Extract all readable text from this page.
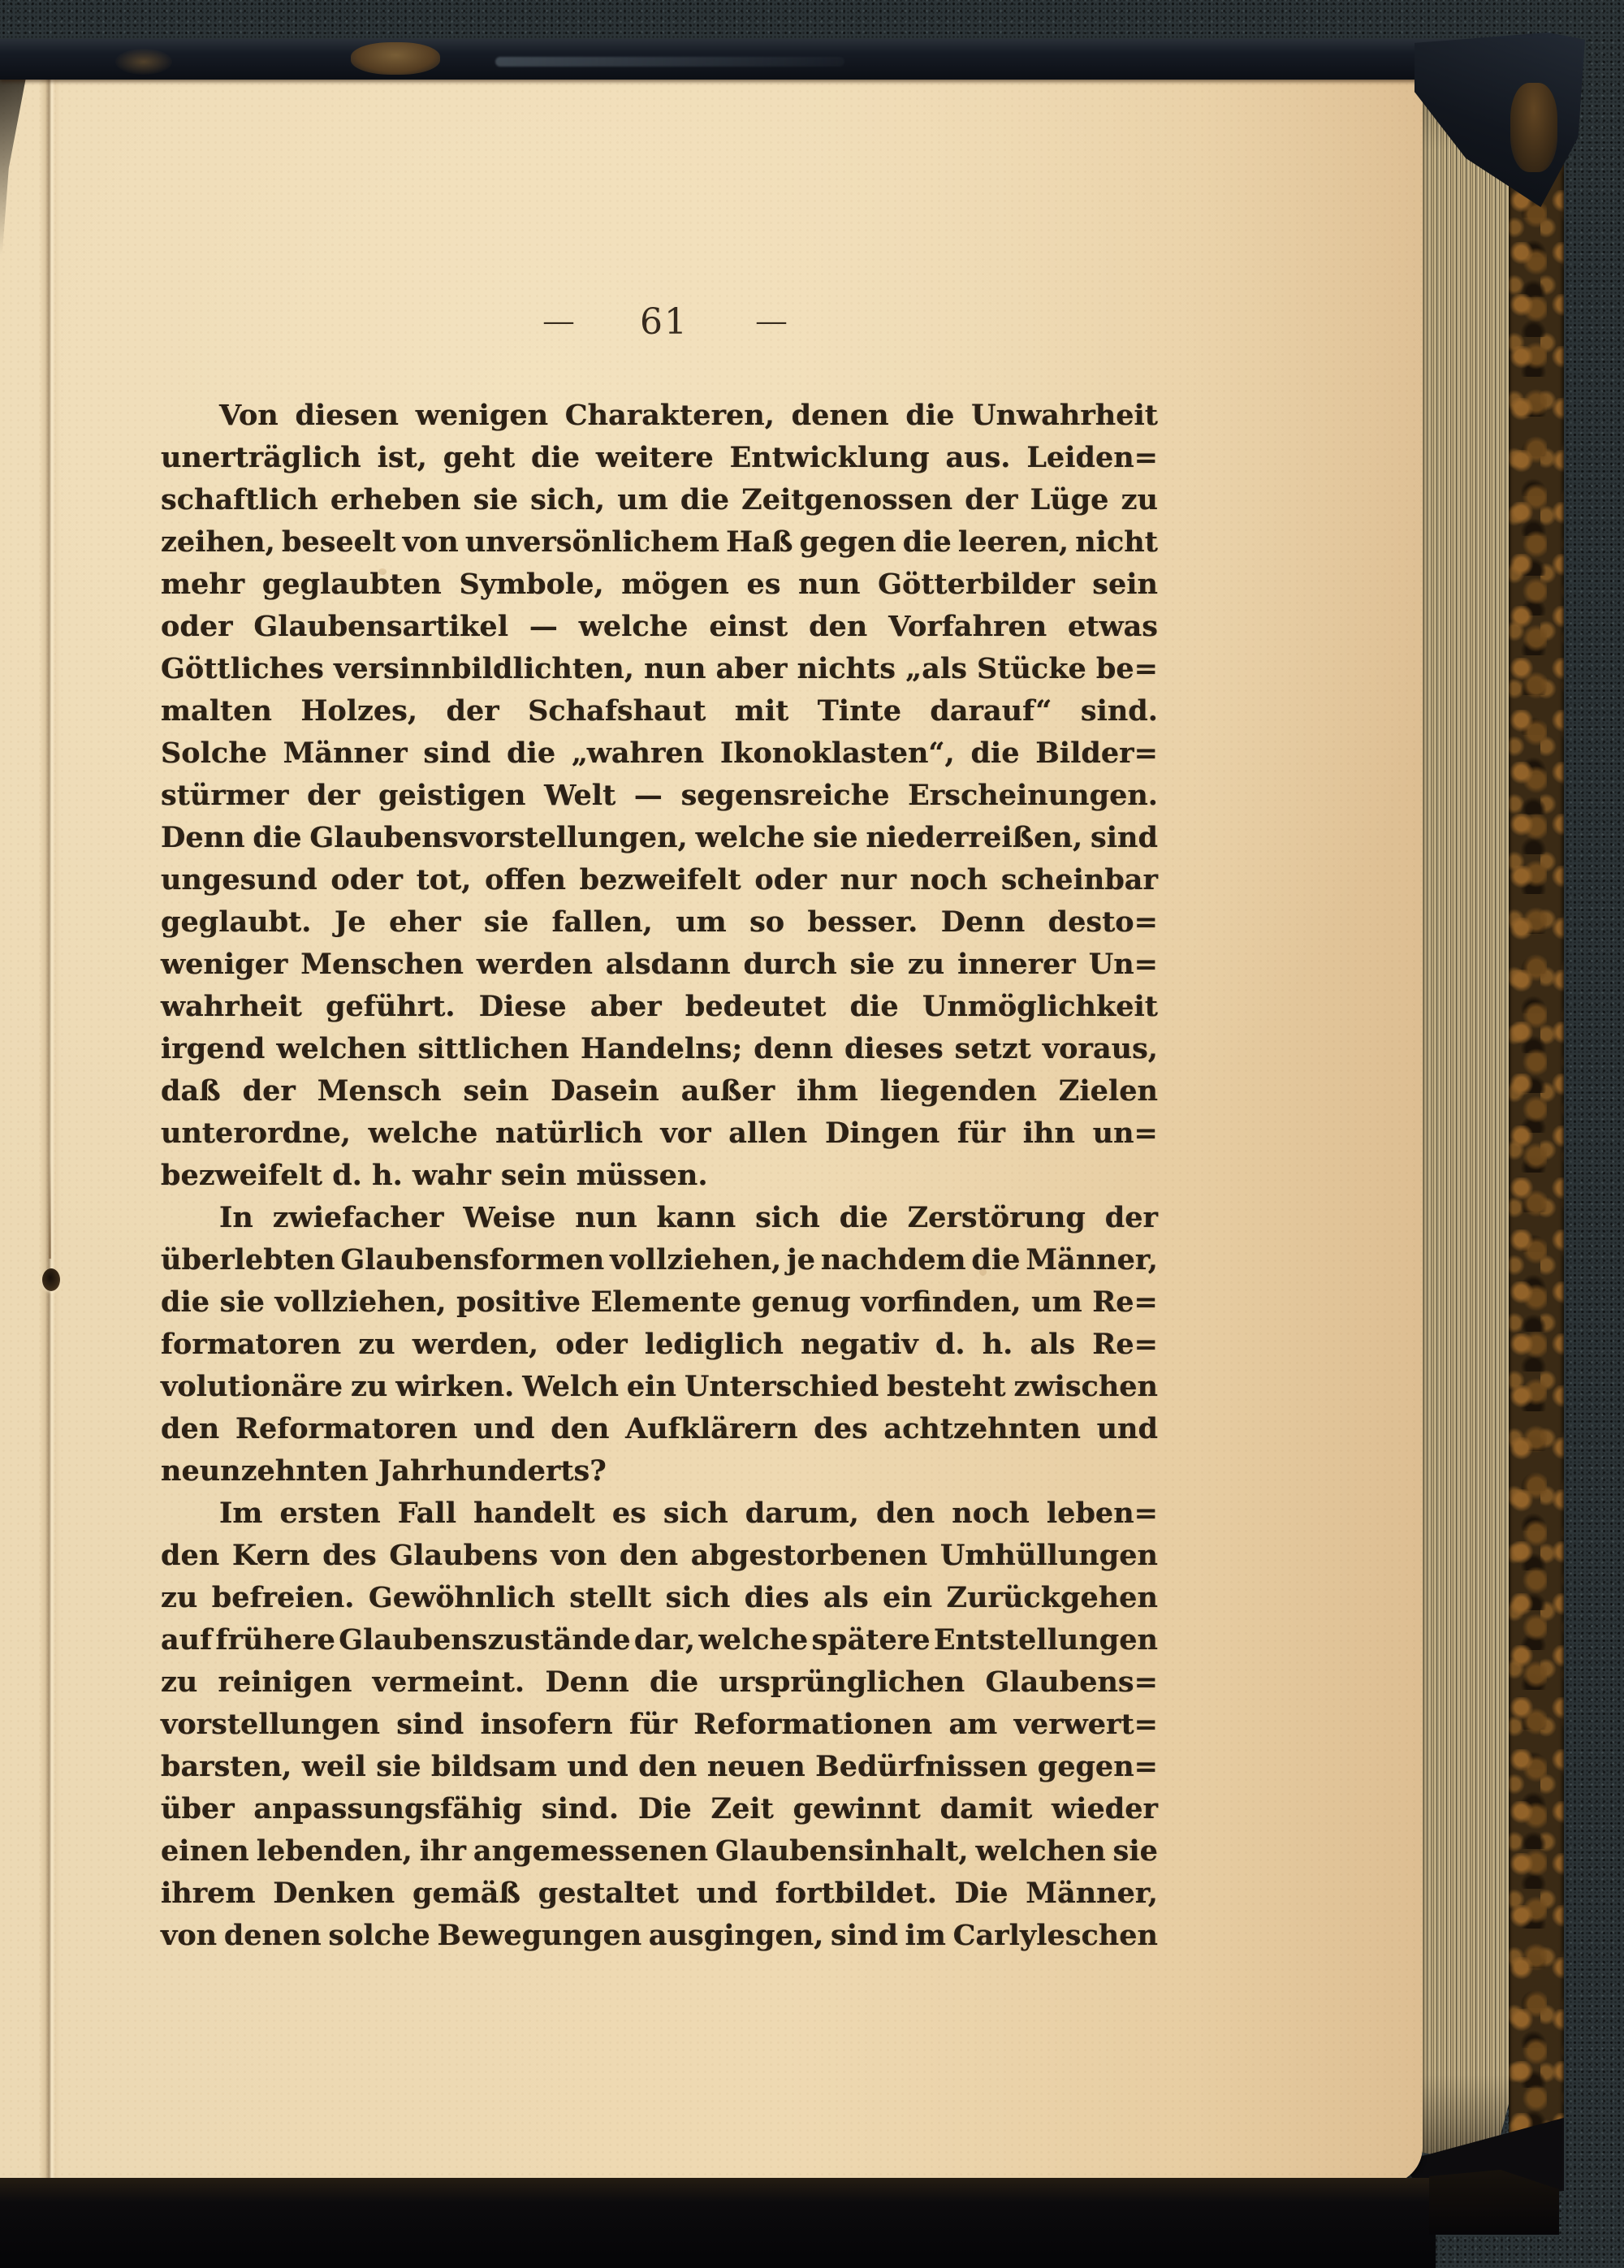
— 61 —
Von diesen wenigen Charakteren, denen die Unwahrheit
unerträglich ist, geht die weitere Entwicklung aus. Leiden=
schaftlich erheben sie sich, um die Zeitgenossen der Lüge zu
zeihen, beseelt von unversönlichem Haß gegen die leeren, nicht
mehr geglaubten Symbole, mögen es nun Götterbilder sein
oder Glaubensartikel — welche einst den Vorfahren etwas
Göttliches versinnbildlichten, nun aber nichts „als Stücke be=
malten Holzes, der Schafshaut mit Tinte darauf“ sind.
Solche Männer sind die „wahren Ikonoklasten“, die Bilder=
stürmer der geistigen Welt — segensreiche Erscheinungen.
Denn die Glaubensvorstellungen, welche sie niederreißen, sind
ungesund oder tot, offen bezweifelt oder nur noch scheinbar
geglaubt. Je eher sie fallen, um so besser. Denn desto=
weniger Menschen werden alsdann durch sie zu innerer Un=
wahrheit geführt. Diese aber bedeutet die Unmöglichkeit
irgend welchen sittlichen Handelns; denn dieses setzt voraus,
daß der Mensch sein Dasein außer ihm liegenden Zielen
unterordne, welche natürlich vor allen Dingen für ihn un=
bezweifelt d. h. wahr sein müssen.
In zwiefacher Weise nun kann sich die Zerstörung der
überlebten Glaubensformen vollziehen, je nachdem die Männer,
die sie vollziehen, positive Elemente genug vorfinden, um Re=
formatoren zu werden, oder lediglich negativ d. h. als Re=
volutionäre zu wirken. Welch ein Unterschied besteht zwischen
den Reformatoren und den Aufklärern des achtzehnten und
neunzehnten Jahrhunderts?
Im ersten Fall handelt es sich darum, den noch leben=
den Kern des Glaubens von den abgestorbenen Umhüllungen
zu befreien. Gewöhnlich stellt sich dies als ein Zurückgehen
auf frühere Glaubenszustände dar, welche spätere Entstellungen
zu reinigen vermeint. Denn die ursprünglichen Glaubens=
vorstellungen sind insofern für Reformationen am verwert=
barsten, weil sie bildsam und den neuen Bedürfnissen gegen=
über anpassungsfähig sind. Die Zeit gewinnt damit wieder
einen lebenden, ihr angemessenen Glaubensinhalt, welchen sie
ihrem Denken gemäß gestaltet und fortbildet. Die Männer,
von denen solche Bewegungen ausgingen, sind im Carlyleschen
